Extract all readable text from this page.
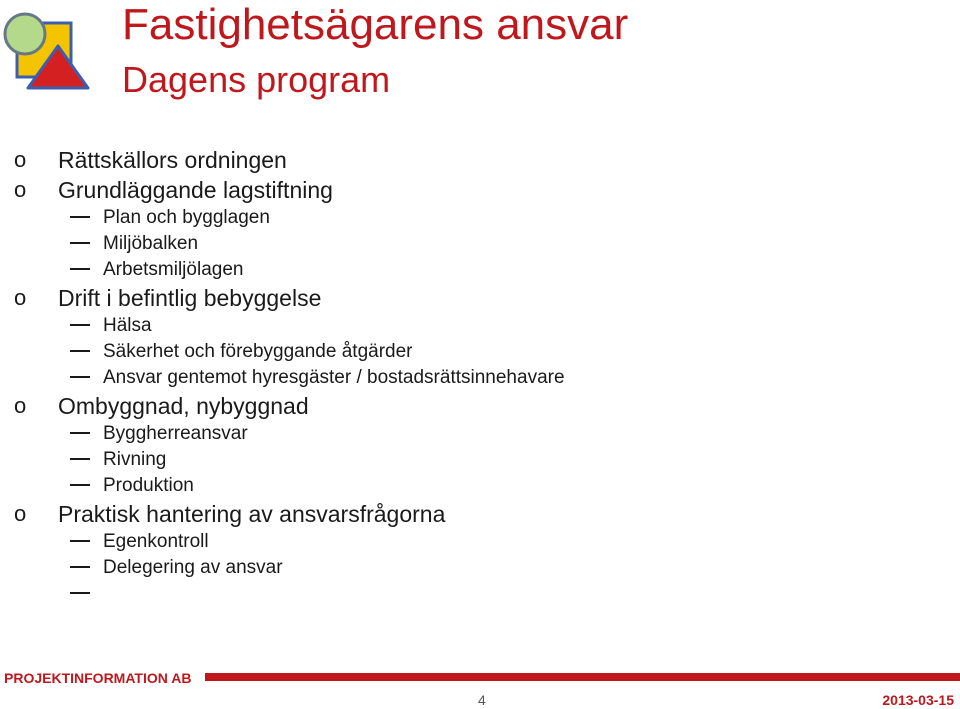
Fastighetsägarens ansvar
Dagens program
o Rättskällors ordningen
o Grundläggande lagstiftning
Plan och bygglagen
Miljöbalken
Arbetsmiljölagen
o Drift i befintlig bebyggelse
Hälsa
Säkerhet och förebyggande åtgärder
Ansvar gentemot hyresgäster / bostadsrättsinnehavare
o Ombyggnad, nybyggnad
Byggherreansvar
Rivning
Produktion
o Praktisk hantering av ansvarsfrågorna
Egenkontroll
Delegering av ansvar
PROJEKTINFORMATION AB
4	2013-03-15
